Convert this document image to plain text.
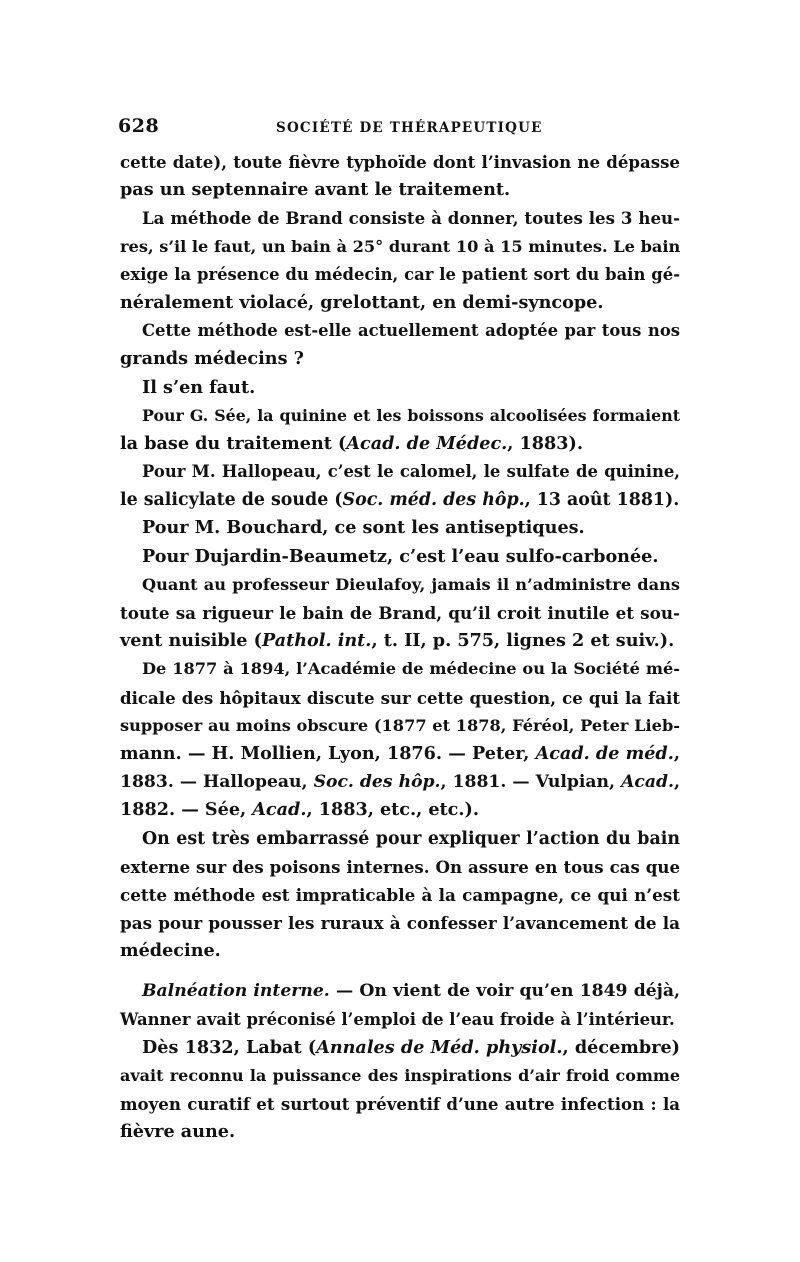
628	SOCIÉTÉ DE THÉRAPEUTIQUE
cette date), toute fièvre typhoïde dont l’invasion ne dépasse
pas un septennaire avant le traitement.
La méthode de Brand consiste à donner, toutes les 3 heu-
res, s’il le faut, un bain à 25° durant 10 à 15 minutes. Le bain
exige la présence du médecin, car le patient sort du bain gé-
néralement violacé, grelottant, en demi-syncope.
Cette méthode est-elle actuellement adoptée par tous nos
grands médecins ?
Il s’en faut.
Pour G. Sée, la quinine et les boissons alcoolisées formaient
la base du traitement (Acad. de Médec., 1883).
Pour M. Hallopeau, c’est le calomel, le sulfate de quinine,
le salicylate de soude (Soc. méd. des hôp., 13 août 1881).
Pour M. Bouchard, ce sont les antiseptiques.
Pour Dujardin-Beaumetz, c’est l’eau sulfo-carbonée.
Quant au professeur Dieulafoy, jamais il n’administre dans
toute sa rigueur le bain de Brand, qu’il croit inutile et sou-
vent nuisible (Pathol. int., t. II, p. 575, lignes 2 et suiv.).
De 1877 à 1894, l’Académie de médecine ou la Société mé-
dicale des hôpitaux discute sur cette question, ce qui la fait
supposer au moins obscure (1877 et 1878, Féréol, Peter Lieb-
mann. — H. Mollien, Lyon, 1876. — Peter, Acad. de méd.,
1883. — Hallopeau, Soc. des hôp., 1881. — Vulpian, Acad.,
1882. — Sée, Acad., 1883, etc., etc.).
On est très embarrassé pour expliquer l’action du bain
externe sur des poisons internes. On assure en tous cas que
cette méthode est impraticable à la campagne, ce qui n’est
pas pour pousser les ruraux à confesser l’avancement de la
médecine.
Balnéation interne. — On vient de voir qu’en 1849 déjà,
Wanner avait préconisé l’emploi de l’eau froide à l’intérieur.
Dès 1832, Labat (Annales de Méd. physiol., décembre)
avait reconnu la puissance des inspirations d’air froid comme
moyen curatif et surtout préventif d’une autre infection : la
fièvre aune.
